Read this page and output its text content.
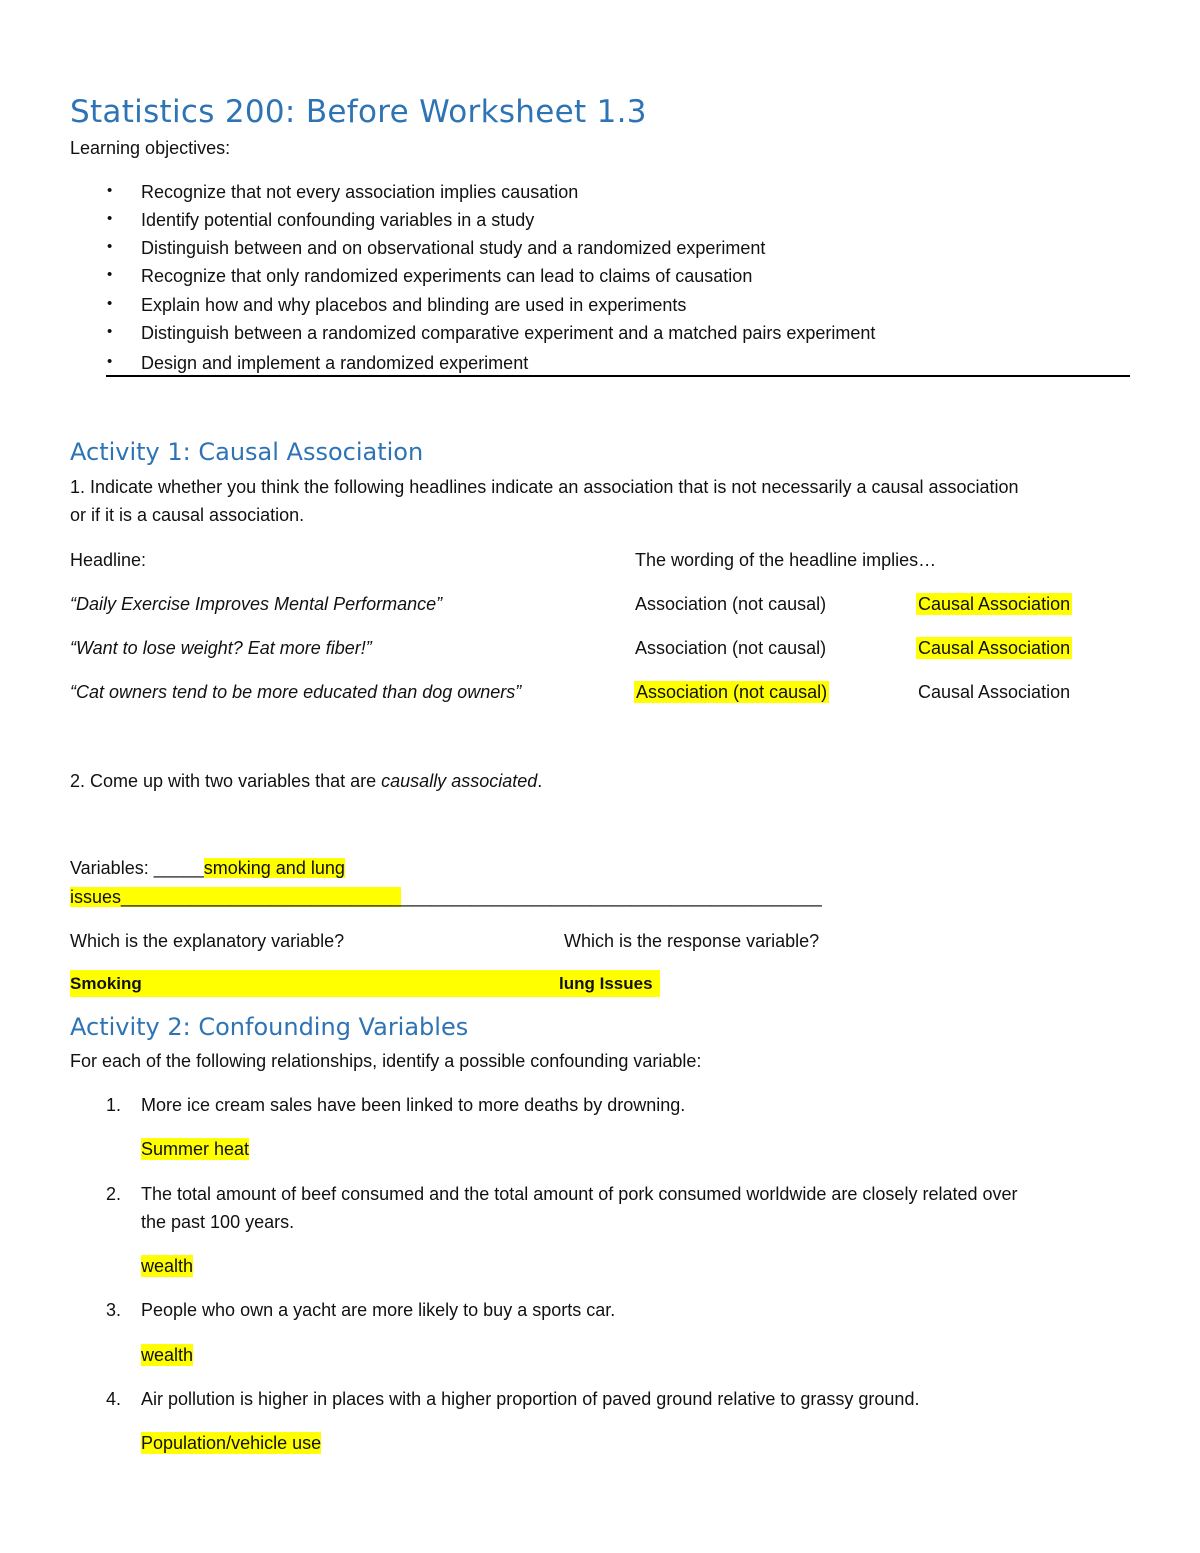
Statistics 200: Before Worksheet 1.3
Learning objectives:
• Recognize that not every association implies causation
• Identify potential confounding variables in a study
• Distinguish between and on observational study and a randomized experiment
• Recognize that only randomized experiments can lead to claims of causation
• Explain how and why placebos and blinding are used in experiments
• Distinguish between a randomized comparative experiment and a matched pairs experiment
• Design and implement a randomized experiment
Activity 1: Causal Association
1. Indicate whether you think the following headlines indicate an association that is not necessarily a causal association
or if it is a causal association.
Headline:	The wording of the headline implies…
“Daily Exercise Improves Mental Performance”	Association (not causal)	Causal Association
“Want to lose weight? Eat more fiber!”	Association (not causal)	Causal Association
“Cat owners tend to be more educated than dog owners”	Association (not causal)	Causal Association
2. Come up with two variables that are causally associated.
Variables: _____smoking and lung
issues______________________________________________________________________
Which is the explanatory variable?	Which is the response variable?
Smoking	lung Issues
Activity 2: Confounding Variables
For each of the following relationships, identify a possible confounding variable:
1. More ice cream sales have been linked to more deaths by drowning.
Summer heat
2. The total amount of beef consumed and the total amount of pork consumed worldwide are closely related over
the past 100 years.
wealth
3. People who own a yacht are more likely to buy a sports car.
wealth
4. Air pollution is higher in places with a higher proportion of paved ground relative to grassy ground.
Population/vehicle use
